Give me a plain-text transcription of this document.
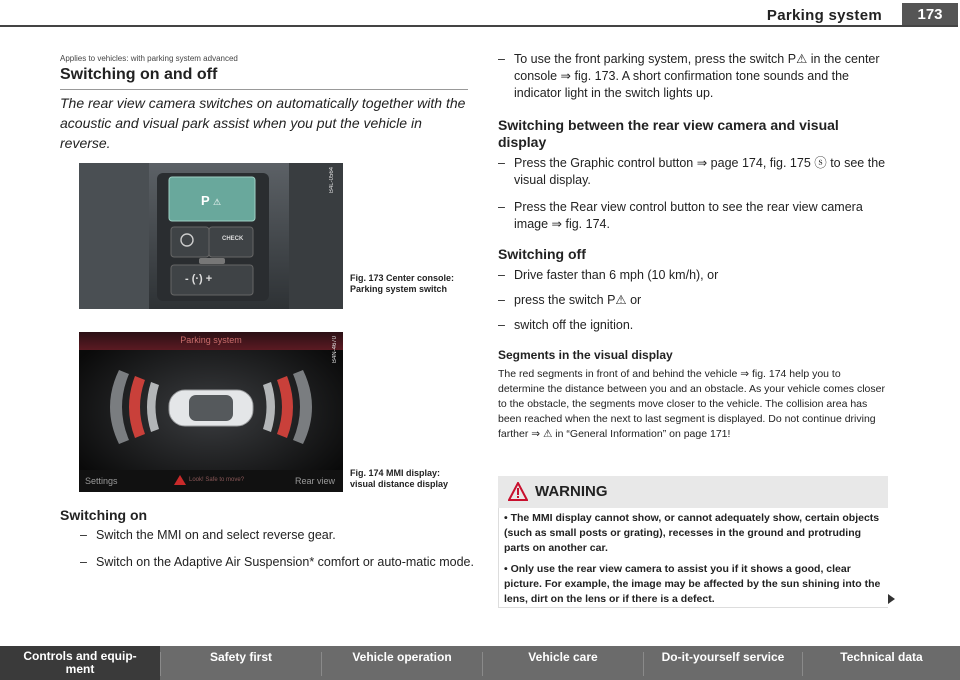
Parking system	173
Applies to vehicles: with parking system advanced
Switching on and off
The rear view camera switches on automatically together with the acoustic and visual park assist when you put the vehicle in reverse.
P ⚠
CHECK
- (·) +
B4L-0564
Fig. 173 Center console: Parking system switch
Parking system
Settings	Look! Safe to move?	Rear view
B4N-4670
Fig. 174 MMI display: visual distance display
Switching on
– Switch the MMI on and select reverse gear.
– Switch on the Adaptive Air Suspension* comfort or auto-matic mode.
– To use the front parking system, press the switch P⚠ in the center console ⇒ fig. 173. A short confirmation tone sounds and the indicator light in the switch lights up.
Switching between the rear view camera and visual display
– Press the Graphic control button ⇒ page 174, fig. 175 ⓢ to see the visual display.
– Press the Rear view control button to see the rear view camera image ⇒ fig. 174.
Switching off
– Drive faster than 6 mph (10 km/h), or
– press the switch P⚠ or
– switch off the ignition.
Segments in the visual display
The red segments in front of and behind the vehicle ⇒ fig. 174 help you to determine the distance between you and an obstacle. As your vehicle comes closer to the obstacle, the segments move closer to the vehicle. The collision area has been reached when the next to last segment is displayed. Do not continue driving farther ⇒ ⚠ in “General Information” on page 171!
WARNING

• The MMI display cannot show, or cannot adequately show, certain objects (such as small posts or grating), recesses in the ground and protruding parts on another car.

• Only use the rear view camera to assist you if it shows a good, clear picture. For example, the image may be affected by the sun shining into the lens, dirt on the lens or if there is a defect.

Controls and equip-
ment
Safety first	Vehicle operation	Vehicle care	Do-it-yourself service	Technical data
